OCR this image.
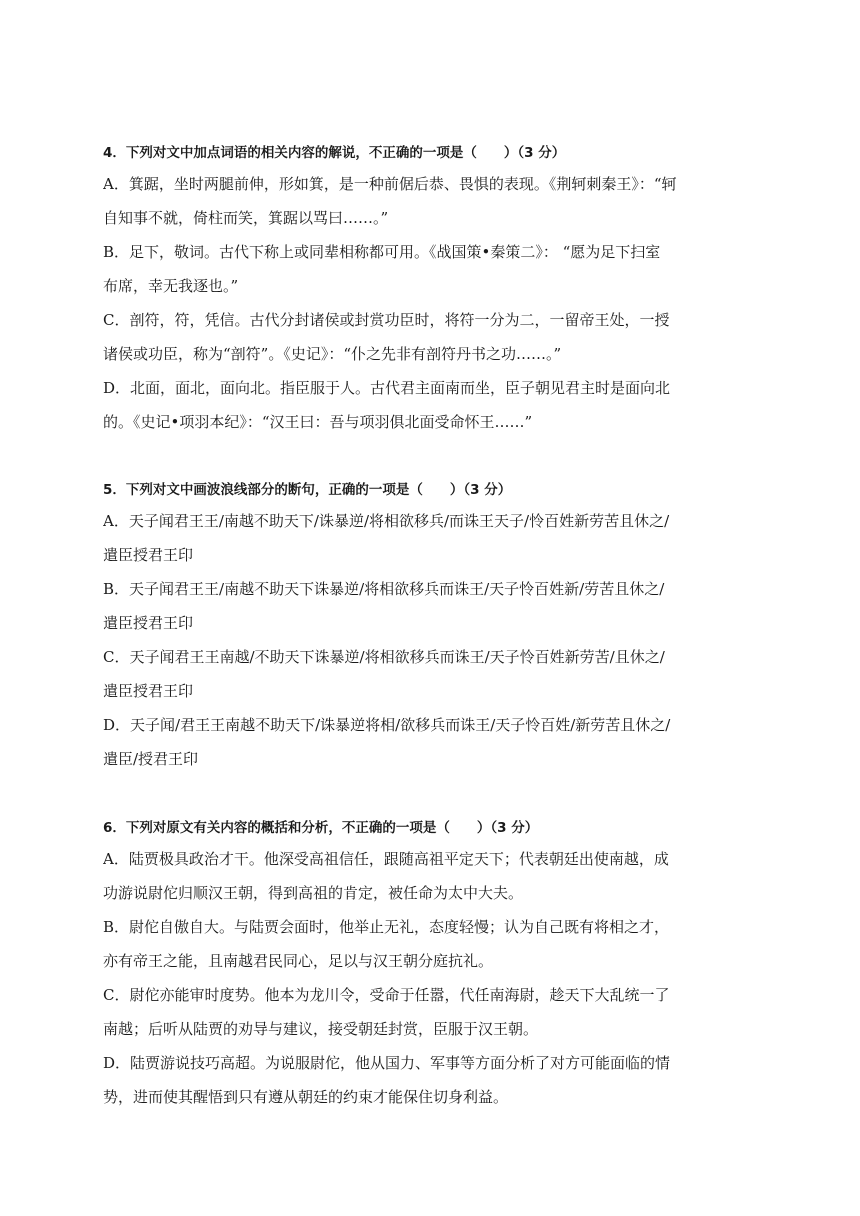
4．下列对文中加点词语的相关内容的解说，不正确的一项是（　　）（3 分）

A．箕踞，坐时两腿前伸，形如箕，是一种前倨后恭、畏惧的表现。《荆轲刺秦王》：“轲
自知事不就，倚柱而笑，箕踞以骂曰……。”

B．足下，敬词。古代下称上或同辈相称都可用。《战国策•秦策二》： “愿为足下扫室
布席，幸无我逐也。”

C．剖符，符，凭信。古代分封诸侯或封赏功臣时，将符一分为二，一留帝王处，一授
诸侯或功臣，称为“剖符”。《史记》：“仆之先非有剖符丹书之功……。”

D．北面，面北，面向北。指臣服于人。古代君主面南而坐，臣子朝见君主时是面向北
的。《史记•项羽本纪》：“汉王曰：吾与项羽俱北面受命怀王……”

5．下列对文中画波浪线部分的断句，正确的一项是（　　）（3 分）

A．天子闻君王王/南越不助天下/诛暴逆/将相欲移兵/而诛王天子/怜百姓新劳苦且休之/
遣臣授君王印

B．天子闻君王王/南越不助天下诛暴逆/将相欲移兵而诛王/天子怜百姓新/劳苦且休之/
遣臣授君王印

C．天子闻君王王南越/不助天下诛暴逆/将相欲移兵而诛王/天子怜百姓新劳苦/且休之/
遣臣授君王印

D．天子闻/君王王南越不助天下/诛暴逆将相/欲移兵而诛王/天子怜百姓/新劳苦且休之/
遣臣/授君王印

6．下列对原文有关内容的概括和分析，不正确的一项是（　　）（3 分）

A．陆贾极具政治才干。他深受高祖信任，跟随高祖平定天下；代表朝廷出使南越，成
功游说尉佗归顺汉王朝，得到高祖的肯定，被任命为太中大夫。

B．尉佗自傲自大。与陆贾会面时，他举止无礼，态度轻慢；认为自己既有将相之才，
亦有帝王之能，且南越君民同心，足以与汉王朝分庭抗礼。

C．尉佗亦能审时度势。他本为龙川令，受命于任嚣，代任南海尉，趁天下大乱统一了
南越；后听从陆贾的劝导与建议，接受朝廷封赏，臣服于汉王朝。

D．陆贾游说技巧高超。为说服尉佗，他从国力、军事等方面分析了对方可能面临的情
势，进而使其醒悟到只有遵从朝廷的约束才能保住切身利益。
